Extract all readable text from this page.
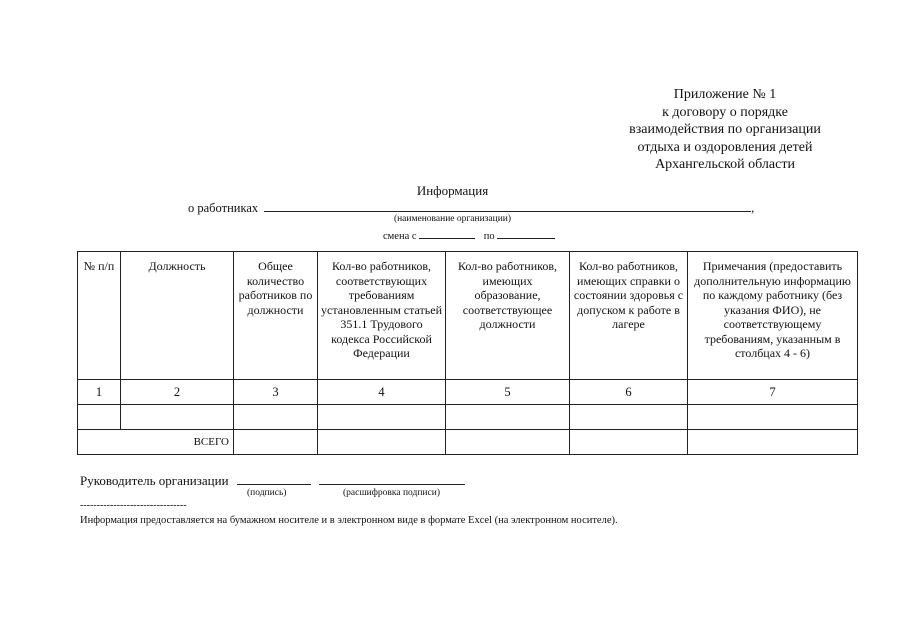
Приложение № 1
к договору о порядке
взаимодействия по организации
отдыха и оздоровления детей
Архангельской области
Информация
о работниках	,
(наименование организации)
смена с	по
№ п/п	Должность	Общее количество работников по должности	Кол-во работников, соответствующих требованиям установленным статьей 351.1 Трудового кодекса Российской Федерации	Кол-во работников, имеющих образование, соответствующее должности	Кол-во работников, имеющих справки о состоянии здоровья с допуском к работе в лагере	Примечания (предоставить дополнительную информацию по каждому работнику (без указания ФИО), не соответствующему требованиям, указанным в столбцах 4 - 6)
1	2	3	4	5	6	7

ВСЕГО						
Руководитель организации
(подпись)	(расшифровка подписи)
--------------------------------
Информация предоставляется на бумажном носителе и в электронном виде в формате Excel (на электронном носителе).
